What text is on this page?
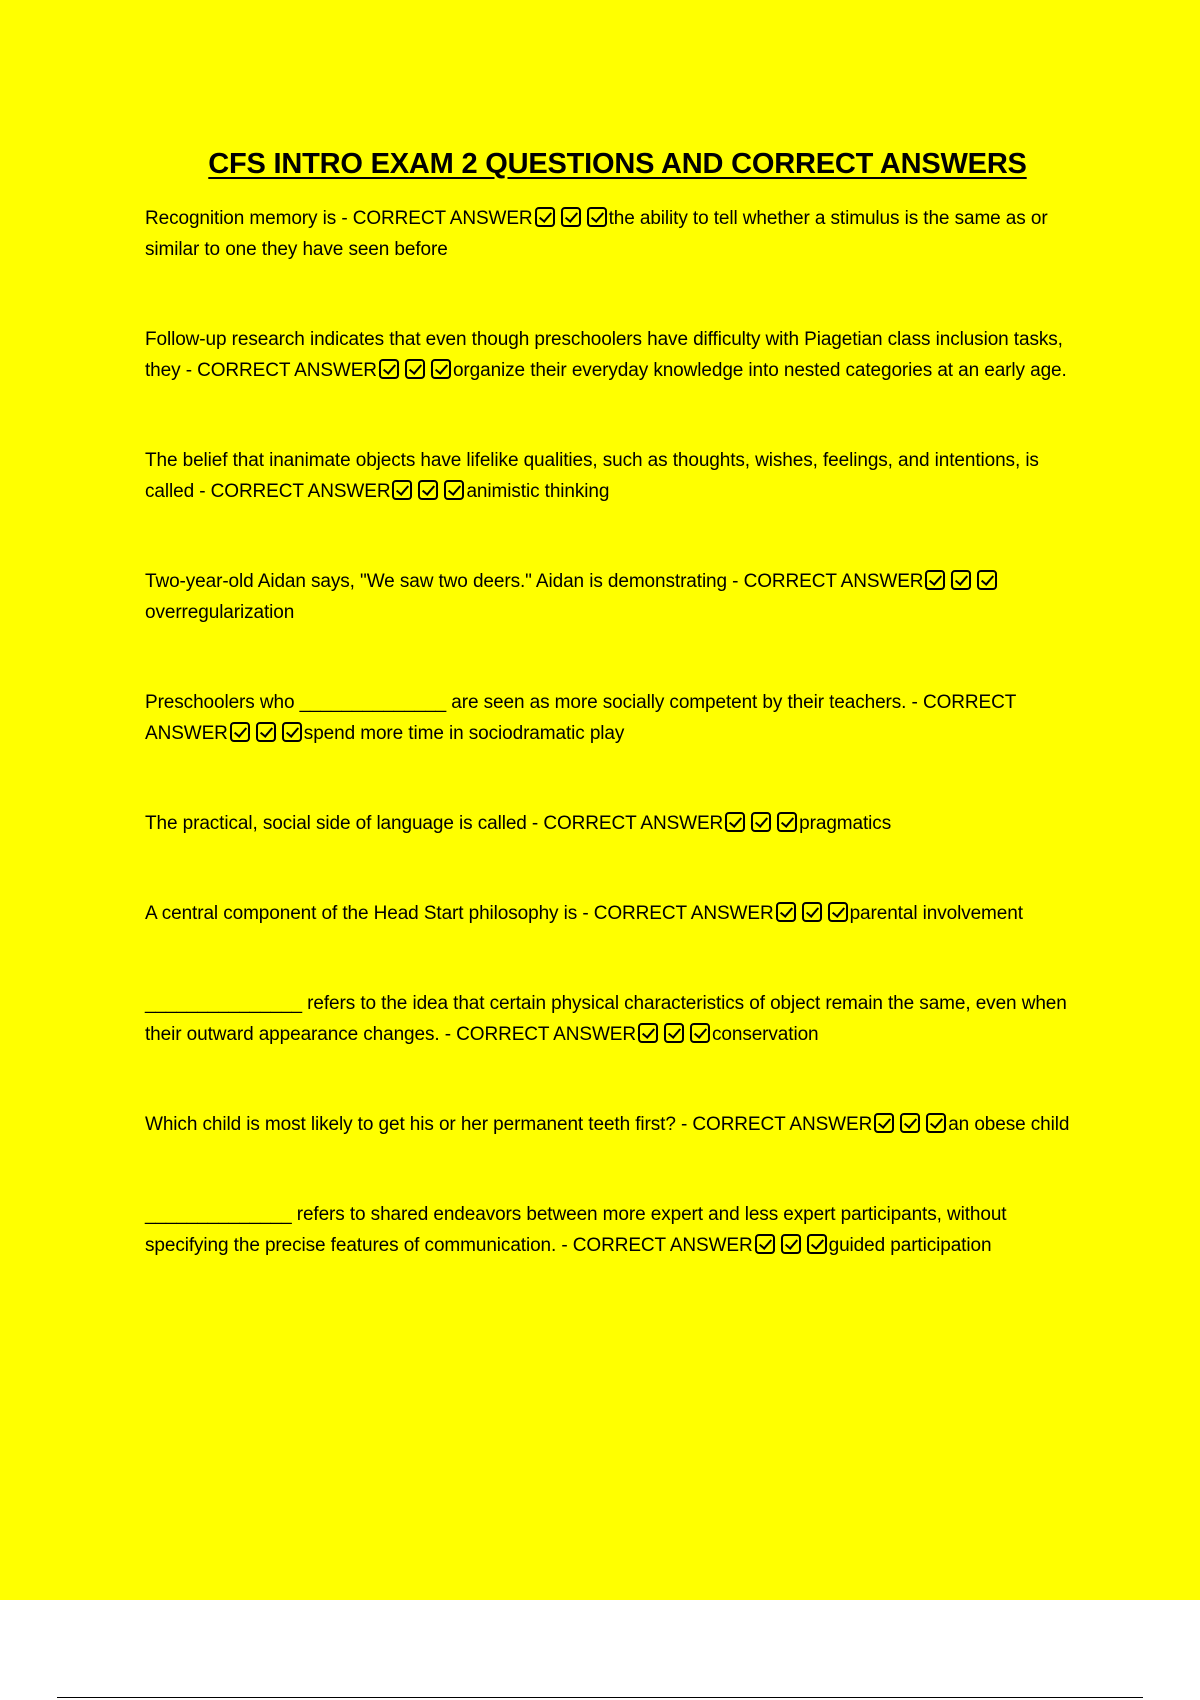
CFS INTRO EXAM 2 QUESTIONS AND CORRECT ANSWERS

Recognition memory is - CORRECT ANSWER	the ability to tell whether a stimulus is the same as or similar to one they have seen before

Follow-up research indicates that even though preschoolers have difficulty with Piagetian class inclusion tasks, they - CORRECT ANSWER	organize their everyday knowledge into nested categories at an early age.

The belief that inanimate objects have lifelike qualities, such as thoughts, wishes, feelings, and intentions, is called - CORRECT ANSWER	animistic thinking

Two-year-old Aidan says, "We saw two deers." Aidan is demonstrating - CORRECT ANSWER
overregularization

Preschoolers who ______________ are seen as more socially competent by their teachers. - CORRECT ANSWER	spend more time in sociodramatic play

The practical, social side of language is called - CORRECT ANSWER	pragmatics

A central component of the Head Start philosophy is - CORRECT ANSWER	parental involvement

_______________ refers to the idea that certain physical characteristics of object remain the same, even when their outward appearance changes. - CORRECT ANSWER	conservation

Which child is most likely to get his or her permanent teeth first? - CORRECT ANSWER	an obese child

______________ refers to shared endeavors between more expert and less expert participants, without specifying the precise features of communication. - CORRECT ANSWER	guided participation
